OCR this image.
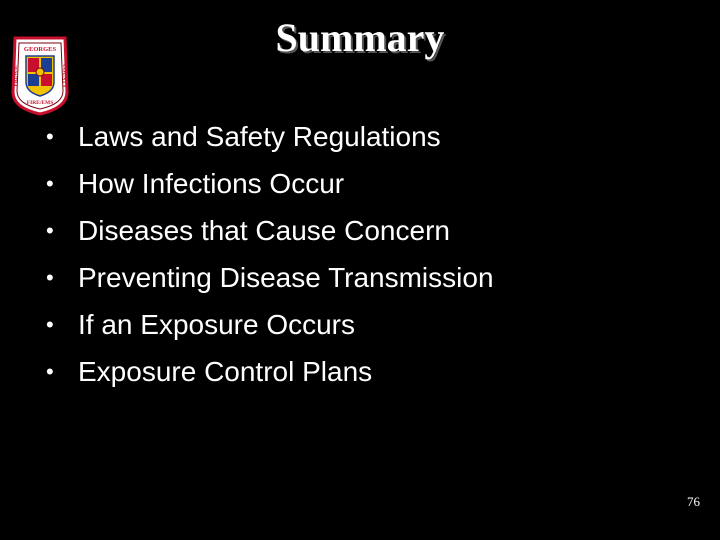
Summary
GEORGES
PRINCE	COUNTY
FIRE/EMS
• Laws and Safety Regulations
• How Infections Occur
• Diseases that Cause Concern
• Preventing Disease Transmission
• If an Exposure Occurs
• Exposure Control Plans
76
